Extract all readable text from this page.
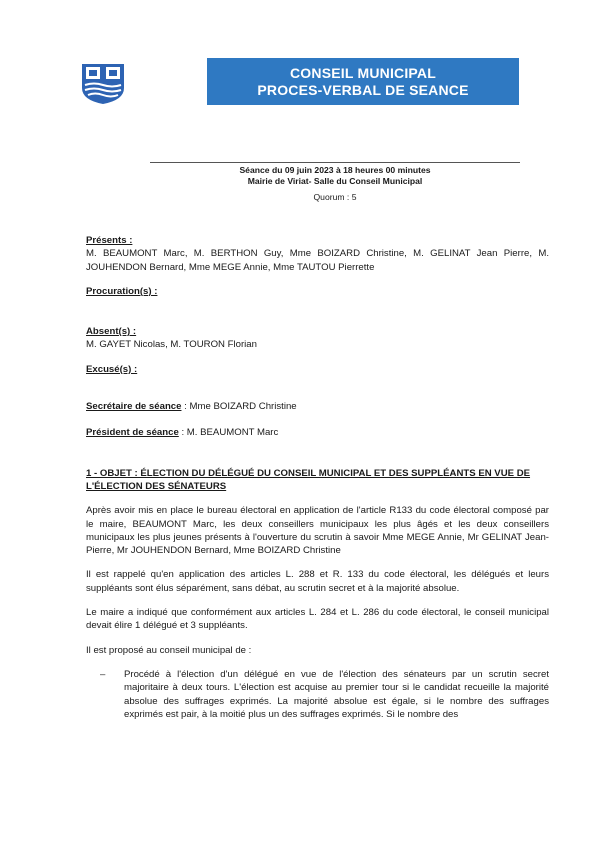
CONSEIL MUNICIPAL
PROCES-VERBAL DE SEANCE
Séance du 09 juin 2023 à 18 heures 00 minutes
Mairie de Viriat- Salle du Conseil Municipal
Quorum : 5
Présents :

M. BEAUMONT Marc, M. BERTHON Guy, Mme BOIZARD Christine, M. GELINAT Jean Pierre, M. JOUHENDON Bernard, Mme MEGE Annie, Mme TAUTOU Pierrette

Procuration(s) :
Absent(s) :

M. GAYET Nicolas, M. TOURON Florian

Excusé(s) :

Secrétaire de séance : Mme BOIZARD Christine

Président de séance : M. BEAUMONT Marc

1 - OBJET : ÉLECTION DU DÉLÉGUÉ DU CONSEIL MUNICIPAL ET DES SUPPLÉANTS EN VUE DE L'ÉLECTION DES SÉNATEURS

Après avoir mis en place le bureau électoral en application de l'article R133 du code électoral composé par le maire, BEAUMONT Marc, les deux conseillers municipaux les plus âgés et les deux conseillers municipaux les plus jeunes présents à l'ouverture du scrutin à savoir Mme MEGE Annie, Mr GELINAT Jean-Pierre, Mr JOUHENDON Bernard, Mme BOIZARD Christine

Il est rappelé qu'en application des articles L. 288 et R. 133 du code électoral, les délégués et leurs suppléants sont élus séparément, sans débat, au scrutin secret et à la majorité absolue.

Le maire a indiqué que conformément aux articles L. 284 et L. 286 du code électoral, le conseil municipal devait élire 1 délégué et 3 suppléants.

Il est proposé au conseil municipal de :

–	Procédé à l'élection d'un délégué en vue de l'élection des sénateurs par un scrutin secret majoritaire à deux tours. L'élection est acquise au premier tour si le candidat recueille la majorité absolue des suffrages exprimés. La majorité absolue est égale, si le nombre des suffrages exprimés est pair, à la moitié plus un des suffrages exprimés. Si le nombre des
